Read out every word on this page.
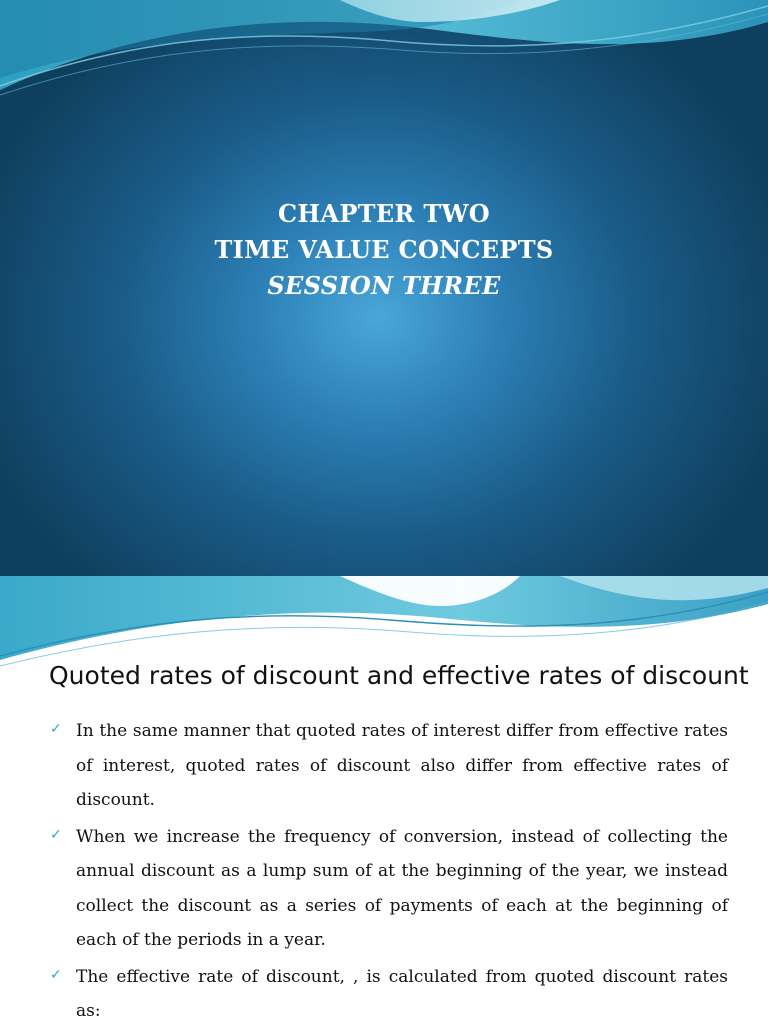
CHAPTER TWO
TIME VALUE CONCEPTS
SESSION THREE
Quoted rates of discount and effective rates of discount
✓ In the same manner that quoted rates of interest differ from effective rates of interest, quoted rates of discount also differ from effective rates of discount.
✓ When we increase the frequency of conversion, instead of collecting the annual discount as a lump sum of at the beginning of the year, we instead collect the discount as a series of payments of each at the beginning of each of the periods in a year.
✓ The effective rate of discount, , is calculated from quoted discount rates as:
